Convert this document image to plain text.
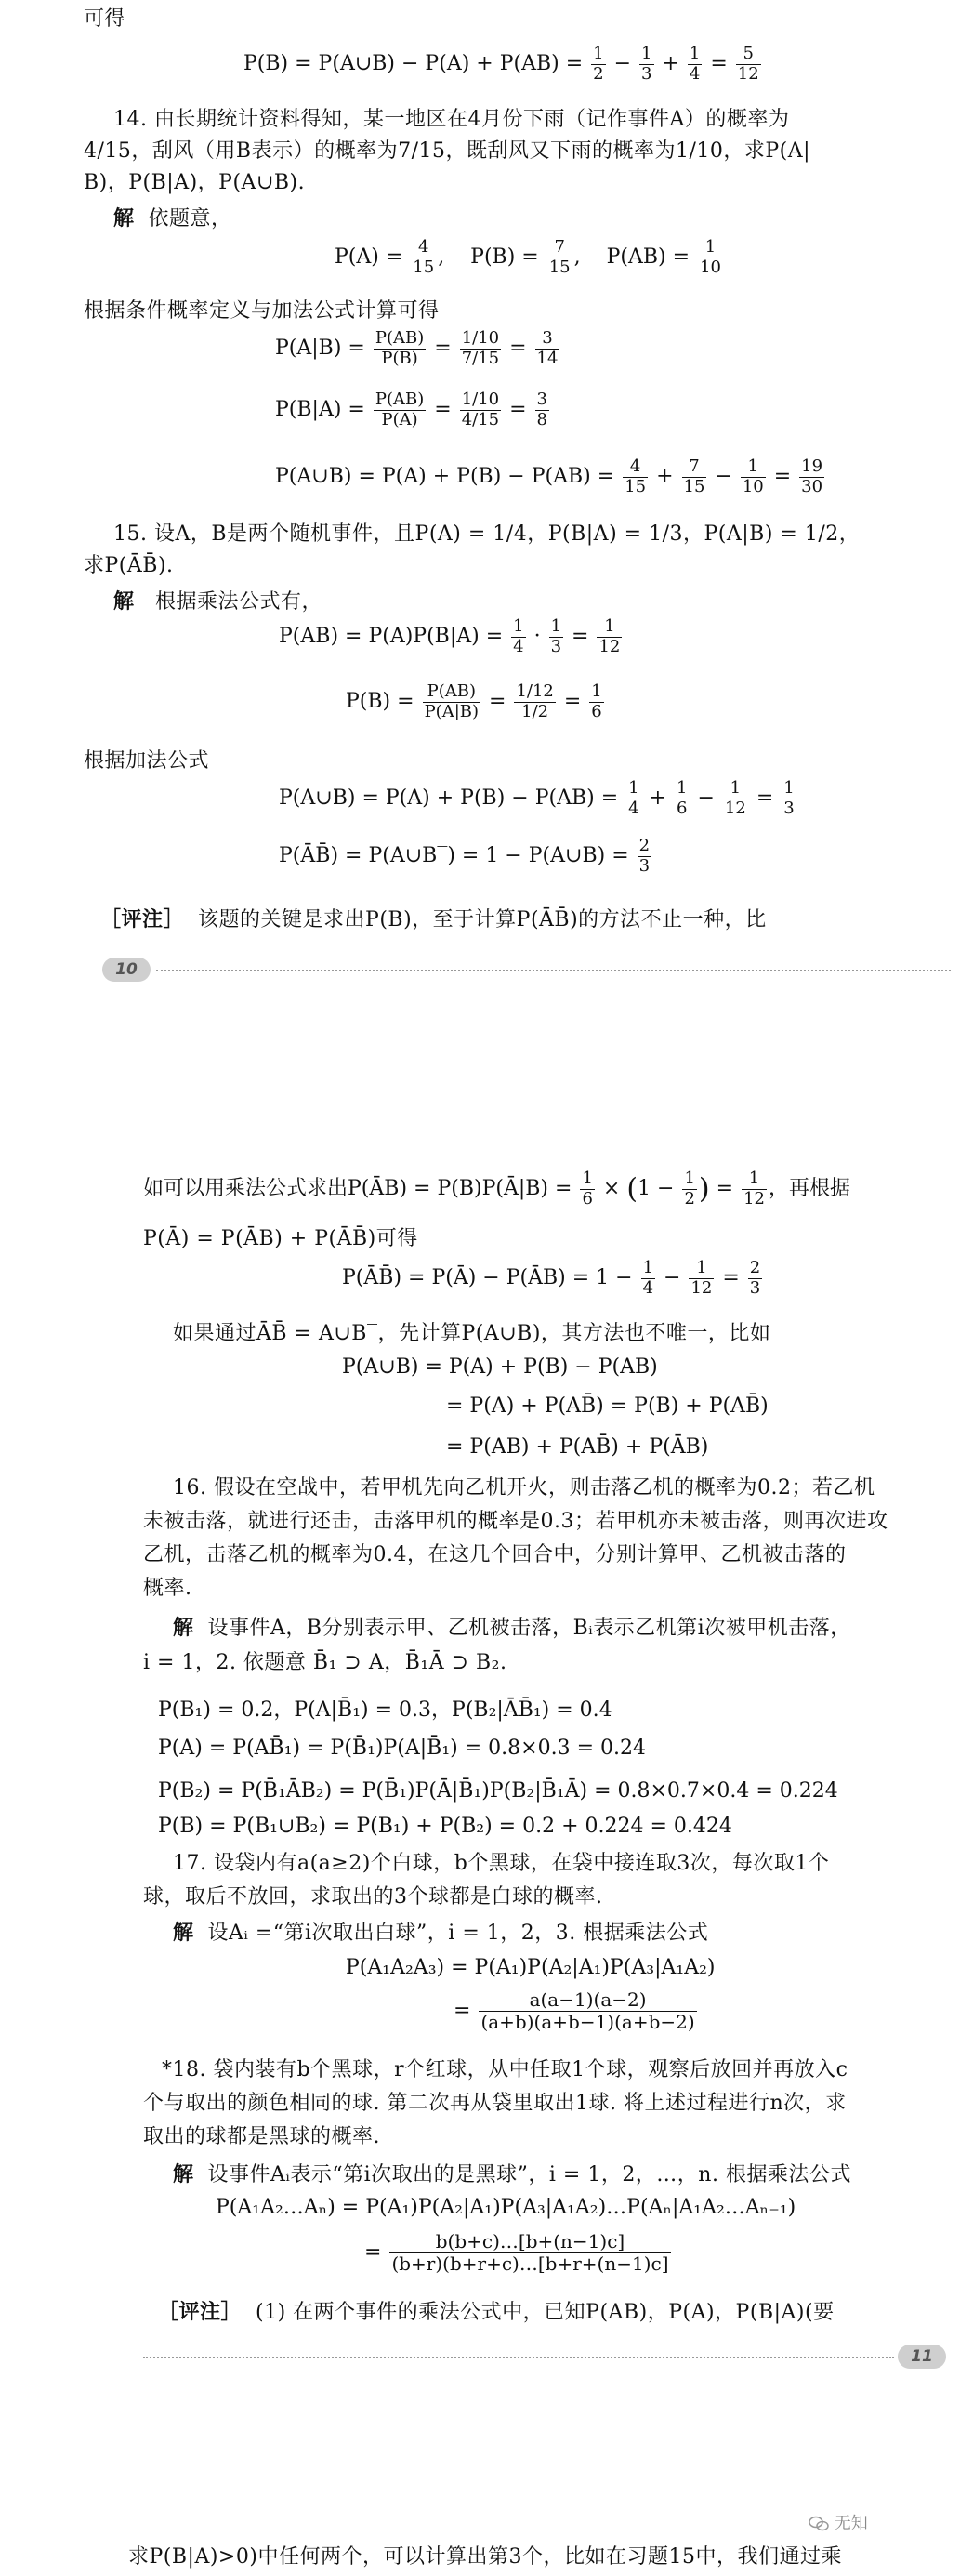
可得
P(B) = P(A∪B) − $P(A) + P(AB) = \frac{1}{2} - \frac{1}{3} + \frac{1}{4} = \frac{5}{12}$
14. 由长期统计资料得知，某一地区在4月份下雨（记作事件A）的概率为
4/15，刮风（用B表示）的概率为7/15，既刮风又下雨的概率为1/10，求P(A|
B)，P(B|A)，P(A∪B).
解 依题意，
$P(A) = \frac{4}{15}$ ,    $P(B) = \frac{7}{15}$ ,    $P(AB) = \frac{1}{10}$
根据条件概率定义与加法公式计算可得
$P(A|B) = \frac{P(AB)}{P(B)} = \frac{1/10}{7/15} = \frac{3}{14}$
$P(B|A) = \frac{P(AB)}{P(A)} = \frac{1/10}{4/15} = \frac{3}{8}$
P(A∪B) = $P(A) + P(B) - P(AB) = \frac{4}{15} + \frac{7}{15} - \frac{1}{10} = \frac{19}{30}$
15. 设A，B是两个随机事件，且P(A) = 1/4，P(B|A) = 1/3，P(A|B) = 1/2，
求P(ĀB̄).
解 根据乘法公式有，
$P(AB) = P(A)P(B|A) = \frac{1}{4} \cdot \frac{1}{3} = \frac{1}{12}$
$P(B) = \frac{P(AB)}{P(A|B)} = \frac{1/12}{1/2} = \frac{1}{6}$
根据加法公式
P(A∪B) = $P(A) + P(B) - P(AB) = \frac{1}{4} + \frac{1}{6} - \frac{1}{12} = \frac{1}{3}$
P(ĀB̄) = P(A∪B‾) = 1 − P(A∪B) = $\frac{2}{3}$
［评注］ 该题的关键是求出P(B)，至于计算P(ĀB̄)的方法不止一种，比
10
如可以用乘法公式求出P(ĀB) = P(B)P(Ā|B) = $\frac{1}{6} \times (1 - \frac{1}{2}$ ) = $\frac{1}{12}$ ，再根据
P(Ā) = P(ĀB) + P(ĀB̄)可得
P(ĀB̄) = P(Ā) − P(ĀB) = $1 - \frac{1}{4} - \frac{1}{12} = \frac{2}{3}$
如果通过ĀB̄ = A∪B‾，先计算P(A∪B)，其方法也不唯一，比如
P(A∪B) = P(A) + P(B) − P(AB)
= P(A) + P(AB̄) = P(B) + P(AB̄)
= P(AB) + P(AB̄) + P(ĀB)
16. 假设在空战中，若甲机先向乙机开火，则击落乙机的概率为0.2；若乙机
未被击落，就进行还击，击落甲机的概率是0.3；若甲机亦未被击落，则再次进攻
乙机，击落乙机的概率为0.4，在这几个回合中，分别计算甲、乙机被击落的
概率.
解 设事件A，B分别表示甲、乙机被击落，Bᵢ表示乙机第i次被甲机击落，
i = 1，2. 依题意 B̄₁ ⊃ A，B̄₁Ā ⊃ B₂.
P(B₁) = 0.2，P(A|B̄₁) = 0.3，P(B₂|ĀB̄₁) = 0.4
P(A) = P(AB̄₁) = P(B̄₁)P(A|B̄₁) = 0.8×0.3 = 0.24
P(B₂) = P(B̄₁ĀB₂) = P(B̄₁)P(Ā|B̄₁)P(B₂|B̄₁Ā) = 0.8×0.7×0.4 = 0.224
P(B) = P(B₁∪B₂) = P(B₁) + P(B₂) = 0.2 + 0.224 = 0.424
17. 设袋内有a(a≥2)个白球，b个黑球，在袋中接连取3次，每次取1个
球，取后不放回，求取出的3个球都是白球的概率.
解 设Aᵢ =“第i次取出白球”，i = 1，2，3. 根据乘法公式
P(A₁A₂A₃) = P(A₁)P(A₂|A₁)P(A₃|A₁A₂)
= $\frac{a(a-1)(a-2)}{(a+b)(a+b-1)(a+b-2)}$
*18. 袋内装有b个黑球，r个红球，从中任取1个球，观察后放回并再放入c
个与取出的颜色相同的球. 第二次再从袋里取出1球. 将上述过程进行n次，求
取出的球都是黑球的概率.
解 设事件Aᵢ表示“第i次取出的是黑球”，i = 1，2，…，n. 根据乘法公式
P(A₁A₂…Aₙ) = P(A₁)P(A₂|A₁)P(A₃|A₁A₂)…P(Aₙ|A₁A₂…Aₙ₋₁)
= $\frac{b(b+c)\dots[b+(n-1)c]}{(b+r)(b+r+c)\dots[b+r+(n-1)c]}$
［评注］ (1) 在两个事件的乘法公式中，已知P(AB)，P(A)，P(B|A)(要
11
求P(B|A)>0)中任何两个，可以计算出第3个，比如在习题15中，我们通过乘
无知
